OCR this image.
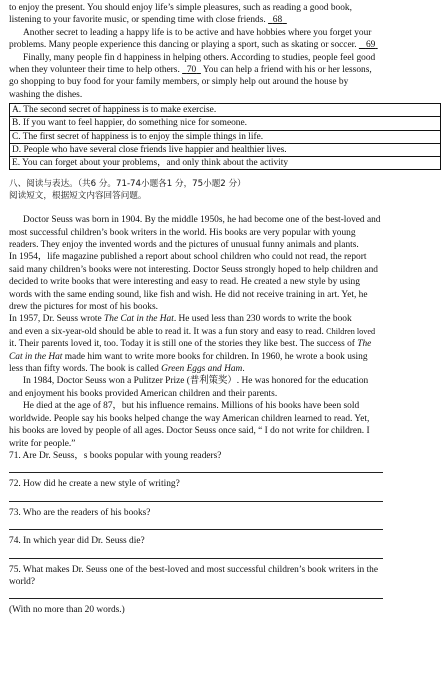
to enjoy the present. You should enjoy life’s simple pleasures, such as reading a good book,

listening to your favorite music, or spending time with close friends.   68

Another secret to leading a happy life is to be active and have hobbies where you forget your

problems. Many people experience this dancing or playing a sport, such as skating or soccer.    69

Finally, many people fin d happiness in helping others. According to studies, people feel good

when they volunteer their time to help others.   70   You can help a friend with his or her lessons,

go shopping to buy food for your family members, or simply help out around the house by

washing the dishes.

A. The second secret of happiness is to make exercise.
B. If you want to feel happier, do something nice for someone.
C. The first secret of happiness is to enjoy the simple things in life.
D. People who have several close friends live happier and healthier lives.
E. You can forget about your problems，and only think about the activity

八、阅读与表达。（共6 分。71-74小题各1 分，75小题2 分）

阅读短文，根据短文内容回答问题。

Doctor Seuss was born in 1904. By the middle 1950s, he had become one of the best-loved and

most successful children’s book writers in the world. His books are very popular with young

readers. They enjoy the invented words and the pictures of unusual funny animals and plants.

In 1954，life magazine published a report about school children who could not read, the report

said many children’s books were not interesting. Doctor Seuss strongly hoped to help children and

decided to write books that were interesting and easy to read. He created a new style by using

words with the same ending sound, like fish and wish. He did not receive training in art. Yet, he

drew the pictures for most of his books.

In 1957, Dr. Seuss wrote The Cat in the Hat. He used less than 230 words to write the book

and even a six-year-old should be able to read it. It was a fun story and easy to read. Children loved

it. Their parents loved it, too. Today it is still one of the stories they like best. The success of The

Cat in the Hat made him want to write more books for children. In 1960, he wrote a book using

less than fifty words. The book is called Green Eggs and Ham.

In 1984, Doctor Seuss won a Pulitzer Prize (普利策奖）. He was honored for the education

and enjoyment his books provided American children and their parents.

He died at the age of 87，but his influence remains. Millions of his books have been sold

worldwide. People say his books helped change the way American children learned to read. Yet,

his books are loved by people of all ages. Doctor Seuss once said, “ I do not write for children. I

write for people.”

71. Are Dr. Seuss，s books popular with young readers?

72. How did he create a new style of writing?

73. Who are the readers of his books?

74. In which year did Dr. Seuss die?

75. What makes Dr. Seuss one of the best-loved and most successful children’s book writers in the

world?

(With no more than 20 words.)
